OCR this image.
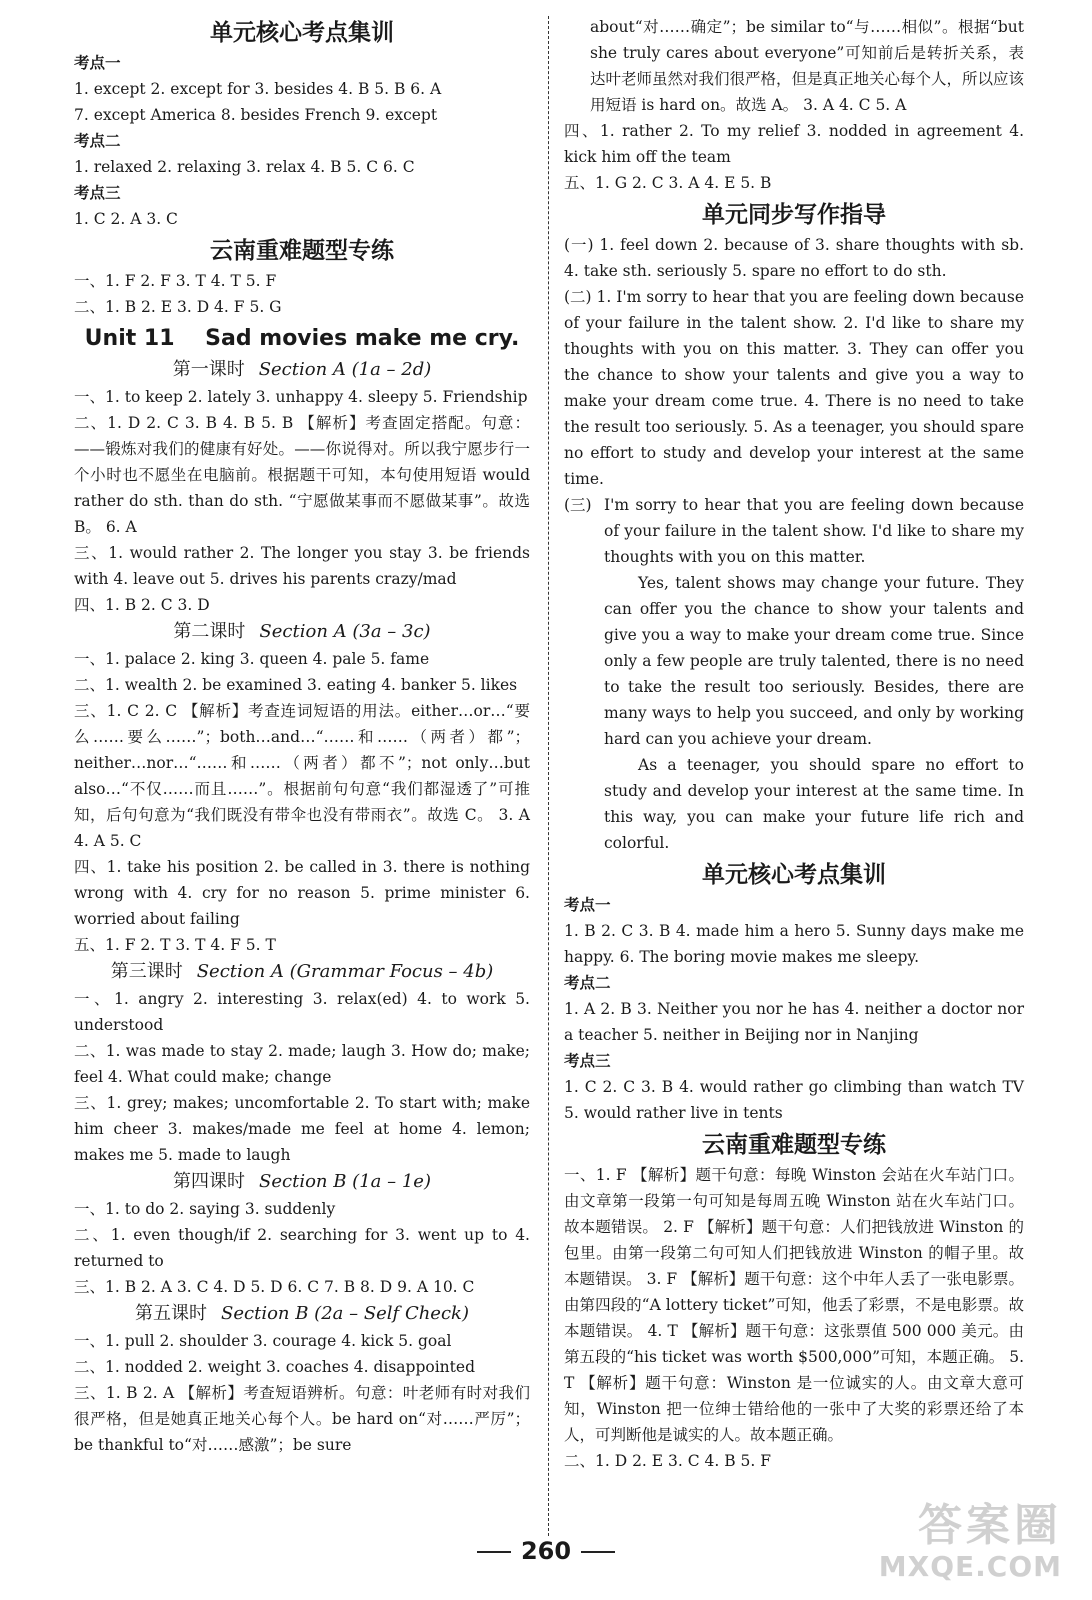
单元核心考点集训
考点一
1. except 2. except for 3. besides 4. B 5. B 6. A
7. except America 8. besides French 9. except
考点二
1. relaxed 2. relaxing 3. relax 4. B 5. C 6. C
考点三
1. C 2. A 3. C
云南重难题型专练
一、1. F 2. F 3. T 4. T 5. F
二、1. B 2. E 3. D 4. F 5. G
Unit 11    Sad movies make me cry.
第一课时 Section A (1a – 2d)
一、1. to keep 2. lately 3. unhappy 4. sleepy 5. Friendship
二、1. D 2. C 3. B 4. B 5. B 【解析】考查固定搭配。句意：——锻炼对我们的健康有好处。——你说得对。所以我宁愿步行一个小时也不愿坐在电脑前。根据题干可知，本句使用短语 would rather do sth. than do sth. “宁愿做某事而不愿做某事”。故选 B。 6. A
三、1. would rather 2. The longer you stay 3. be friends with 4. leave out 5. drives his parents crazy/mad
四、1. B 2. C 3. D
第二课时 Section A (3a – 3c)
一、1. palace 2. king 3. queen 4. pale 5. fame
二、1. wealth 2. be examined 3. eating 4. banker 5. likes
三、1. C 2. C 【解析】考查连词短语的用法。either…or…“要么……要么……”；both…and…“……和……（两者）都”；neither…nor…“……和……（两者）都不”；not only…but also…“不仅……而且……”。根据前句句意“我们都湿透了”可推知，后句句意为“我们既没有带伞也没有带雨衣”。故选 C。 3. A 4. A 5. C
四、1. take his position 2. be called in 3. there is nothing wrong with 4. cry for no reason 5. prime minister 6. worried about failing
五、1. F 2. T 3. T 4. F 5. T
第三课时 Section A (Grammar Focus – 4b)
一、1. angry 2. interesting 3. relax(ed) 4. to work 5. understood
二、1. was made to stay 2. made; laugh 3. How do; make; feel 4. What could make; change
三、1. grey; makes; uncomfortable 2. To start with; make him cheer 3. makes/made me feel at home 4. lemon; makes me 5. made to laugh
第四课时 Section B (1a – 1e)
一、1. to do 2. saying 3. suddenly
二、1. even though/if 2. searching for 3. went up to 4. returned to
三、1. B 2. A 3. C 4. D 5. D 6. C 7. B 8. D 9. A 10. C
第五课时 Section B (2a – Self Check)
一、1. pull 2. shoulder 3. courage 4. kick 5. goal
二、1. nodded 2. weight 3. coaches 4. disappointed
三、1. B 2. A 【解析】考查短语辨析。句意：叶老师有时对我们很严格，但是她真正地关心每个人。be hard on“对……严厉”；be thankful to“对……感激”；be sure
about“对……确定”；be similar to“与……相似”。根据“but she truly cares about everyone”可知前后是转折关系，表达叶老师虽然对我们很严格，但是真正地关心每个人，所以应该用短语 is hard on。故选 A。 3. A 4. C 5. A
四、1. rather 2. To my relief 3. nodded in agreement 4. kick him off the team
五、1. G 2. C 3. A 4. E 5. B
单元同步写作指导
(一) 1. feel down 2. because of 3. share thoughts with sb. 4. take sth. seriously 5. spare no effort to do sth.
(二) 1. I'm sorry to hear that you are feeling down because of your failure in the talent show. 2. I'd like to share my thoughts with you on this matter. 3. They can offer you the chance to show your talents and give you a way to make your dream come true. 4. There is no need to take the result too seriously. 5. As a teenager, you should spare no effort to study and develop your interest at the same time.
(三) I'm sorry to hear that you are feeling down because of your failure in the talent show. I'd like to share my thoughts with you on this matter.
Yes, talent shows may change your future. They can offer you the chance to show your talents and give you a way to make your dream come true. Since only a few people are truly talented, there is no need to take the result too seriously. Besides, there are many ways to help you succeed, and only by working hard can you achieve your dream.
As a teenager, you should spare no effort to study and develop your interest at the same time. In this way, you can make your future life rich and colorful.
单元核心考点集训
考点一
1. B 2. C 3. B 4. made him a hero 5. Sunny days make me happy. 6. The boring movie makes me sleepy.
考点二
1. A 2. B 3. Neither you nor he has 4. neither a doctor nor a teacher 5. neither in Beijing nor in Nanjing
考点三
1. C 2. C 3. B 4. would rather go climbing than watch TV 5. would rather live in tents
云南重难题型专练
一、1. F 【解析】题干句意：每晚 Winston 会站在火车站门口。由文章第一段第一句可知是每周五晚 Winston 站在火车站门口。故本题错误。 2. F 【解析】题干句意：人们把钱放进 Winston 的包里。由第一段第二句可知人们把钱放进 Winston 的帽子里。故本题错误。 3. F 【解析】题干句意：这个中年人丢了一张电影票。由第四段的“A lottery ticket”可知，他丢了彩票，不是电影票。故本题错误。 4. T 【解析】题干句意：这张票值 500 000 美元。由第五段的“his ticket was worth $500,000”可知，本题正确。 5. T 【解析】题干句意：Winston 是一位诚实的人。由文章大意可知，Winston 把一位绅士错给他的一张中了大奖的彩票还给了本人，可判断他是诚实的人。故本题正确。
二、1. D 2. E 3. C 4. B 5. F
260	答案圈
MXQE.COM
